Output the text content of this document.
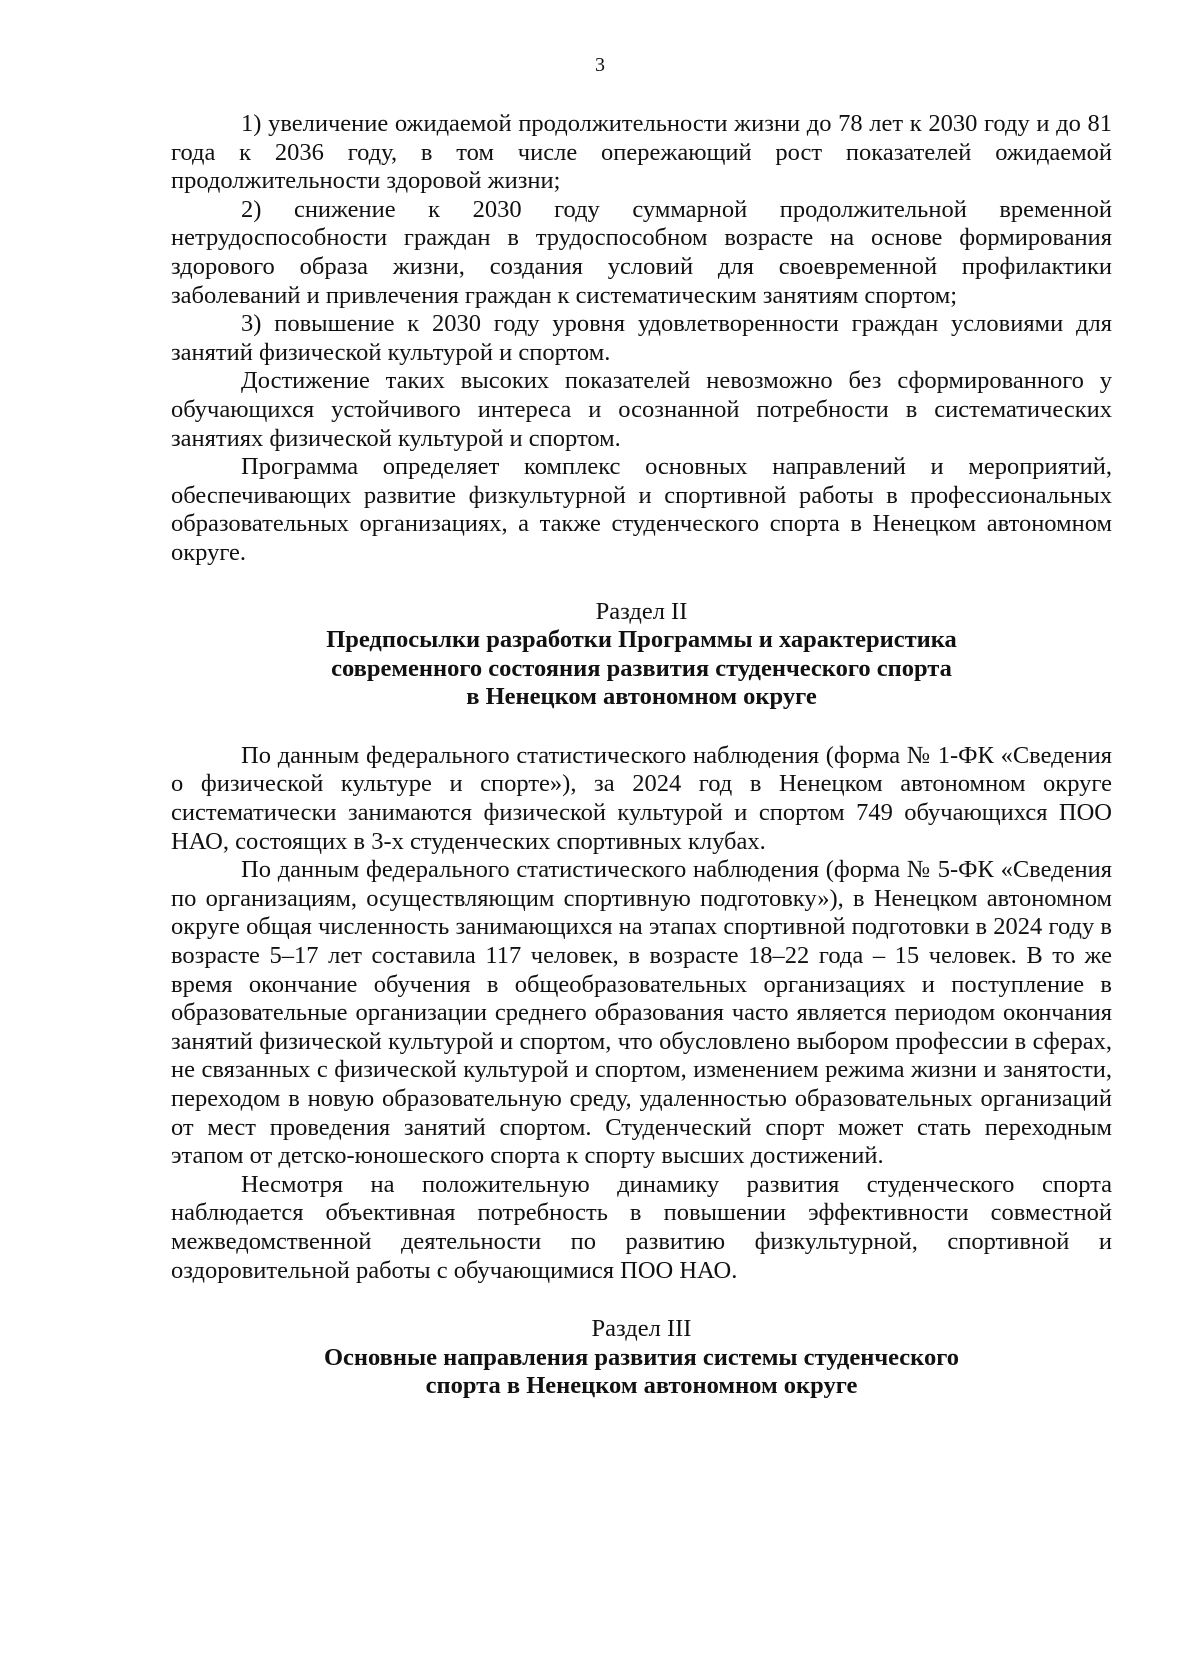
3

1) увеличение ожидаемой продолжительности жизни до 78 лет к 2030 году и до 81 года к 2036 году, в том числе опережающий рост показателей ожидаемой продолжительности здоровой жизни;

2) снижение к 2030 году суммарной продолжительной временной нетрудоспособности граждан в трудоспособном возрасте на основе формирования здорового образа жизни, создания условий для своевременной профилактики заболеваний и привлечения граждан к систематическим занятиям спортом;

3) повышение к 2030 году уровня удовлетворенности граждан условиями для занятий физической культурой и спортом.

Достижение таких высоких показателей невозможно без сформированного у обучающихся устойчивого интереса и осознанной потребности в систематических занятиях физической культурой и спортом.

Программа определяет комплекс основных направлений и мероприятий, обеспечивающих развитие физкультурной и спортивной работы в профессиональных образовательных организациях, а также студенческого спорта в Ненецком автономном округе.

Раздел II
Предпосылки разработки Программы и характеристика
современного состояния развития студенческого спорта
в Ненецком автономном округе

По данным федерального статистического наблюдения (форма № 1-ФК «Сведения о физической культуре и спорте»), за 2024 год в Ненецком автономном округе систематически занимаются физической культурой и спортом 749 обучающихся ПОО НАО, состоящих в 3-х студенческих спортивных клубах.

По данным федерального статистического наблюдения (форма № 5-ФК «Сведения по организациям, осуществляющим спортивную подготовку»), в Ненецком автономном округе общая численность занимающихся на этапах спортивной подготовки в 2024 году в возрасте 5–17 лет составила 117 человек, в возрасте 18–22 года – 15 человек. В то же время окончание обучения в общеобразовательных организациях и поступление в образовательные организации среднего образования часто является периодом окончания занятий физической культурой и спортом, что обусловлено выбором профессии в сферах, не связанных с физической культурой и спортом, изменением режима жизни и занятости, переходом в новую образовательную среду, удаленностью образовательных организаций от мест проведения занятий спортом. Студенческий спорт может стать переходным этапом от детско-юношеского спорта к спорту высших достижений.

Несмотря на положительную динамику развития студенческого спорта наблюдается объективная потребность в повышении эффективности совместной межведомственной деятельности по развитию физкультурной, спортивной и оздоровительной работы с обучающимися ПОО НАО.

Раздел III
Основные направления развития системы студенческого
спорта в Ненецком автономном округе
